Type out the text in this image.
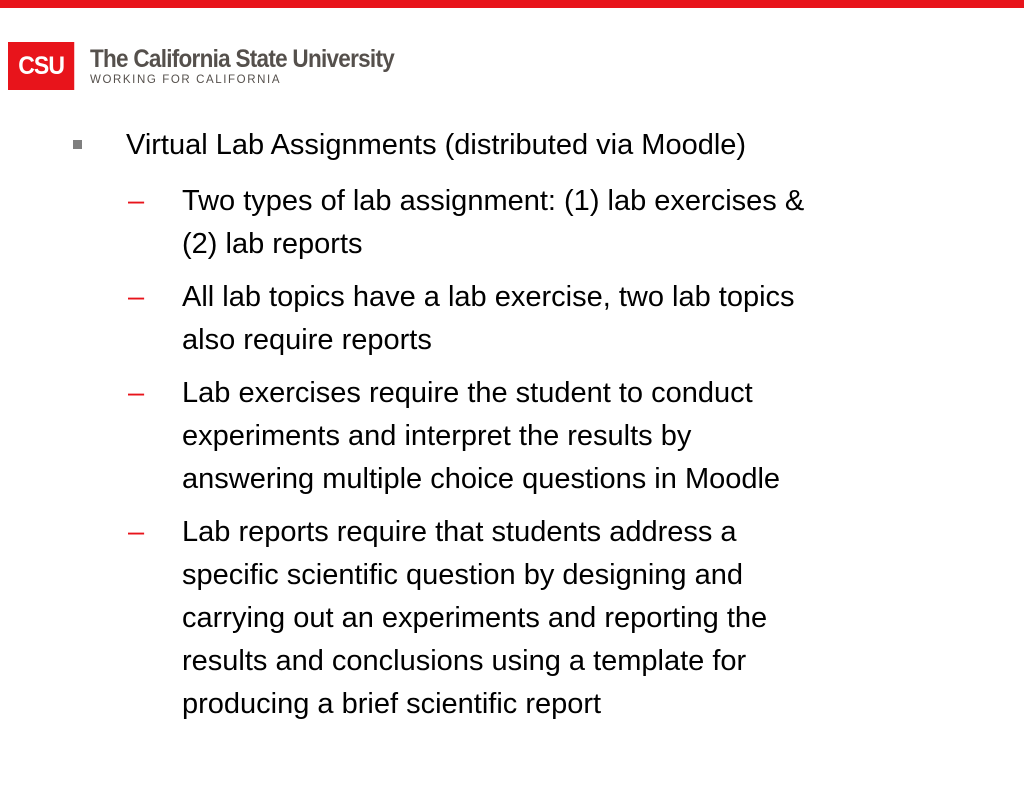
CSU	The California State University
WORKING FOR CALIFORNIA
Virtual Lab Assignments (distributed via Moodle)
– Two types of lab assignment: (1) lab exercises &
(2) lab reports
– All lab topics have a lab exercise, two lab topics
also require reports
– Lab exercises require the student to conduct
experiments and interpret the results by
answering multiple choice questions in Moodle
– Lab reports require that students address a
specific scientific question by designing and
carrying out an experiments and reporting the
results and conclusions using a template for
producing a brief scientific report
